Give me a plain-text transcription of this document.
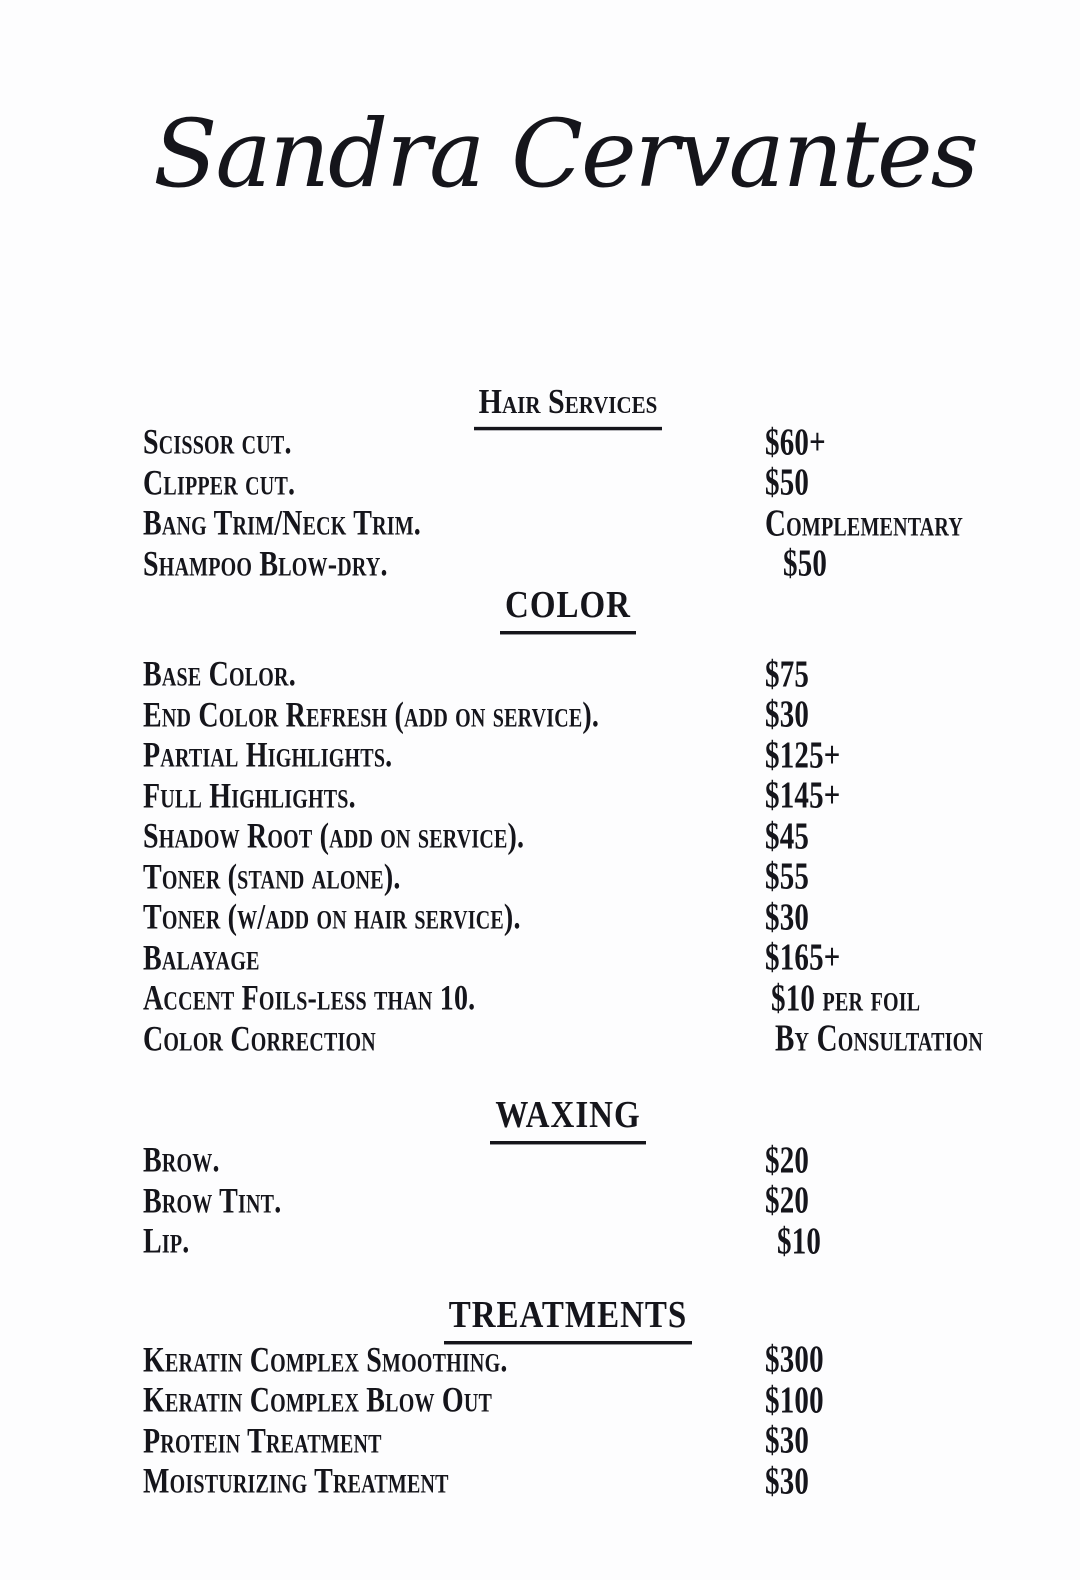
Sandra Cervantes
Hair Services
Scissor cut.	$60+
Clipper cut.	$50
Bang Trim/Neck Trim.	Complementary
Shampoo Blow-dry.	$50
COLOR
Base Color.	$75
End Color Refresh (add on service).	$30
Partial Highlights.	$125+
Full Highlights.	$145+
Shadow Root (add on service).	$45
Toner (stand alone).	$55
Toner (w/add on hair service).	$30
Balayage	$165+
Accent Foils-less than 10.	$10 per foil
Color Correction	By Consultation
WAXING
Brow.	$20
Brow Tint.	$20
Lip.	$10
TREATMENTS
Keratin Complex Smoothing.	$300
Keratin Complex Blow Out	$100
Protein Treatment	$30
Moisturizing Treatment	$30
